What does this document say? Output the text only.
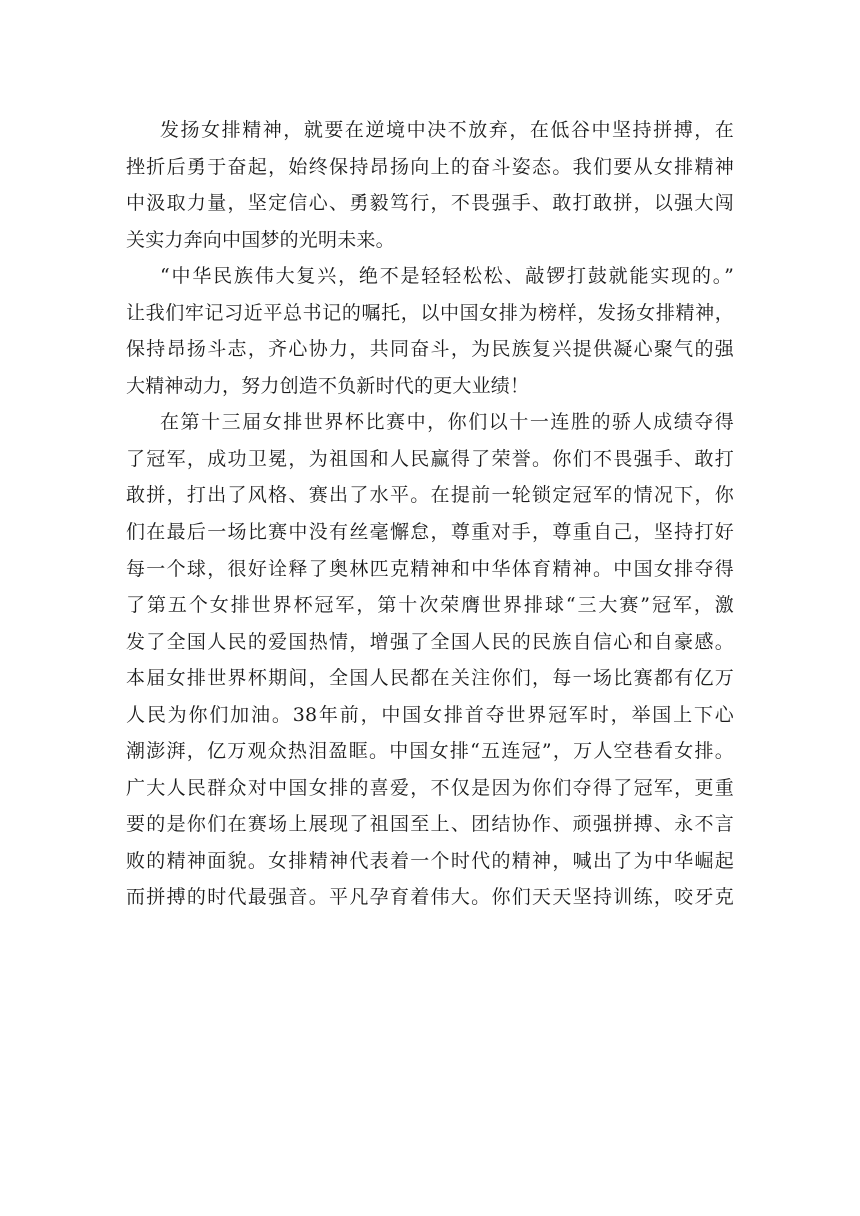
发扬女排精神，就要在逆境中决不放弃，在低谷中坚持拼搏，在
挫折后勇于奋起，始终保持昂扬向上的奋斗姿态。我们要从女排精神
中汲取力量，坚定信心、勇毅笃行，不畏强手、敢打敢拼，以强大闯
关实力奔向中国梦的光明未来。
“中华民族伟大复兴，绝不是轻轻松松、敲锣打鼓就能实现的。”
让我们牢记习近平总书记的嘱托，以中国女排为榜样，发扬女排精神，
保持昂扬斗志，齐心协力，共同奋斗，为民族复兴提供凝心聚气的强
大精神动力，努力创造不负新时代的更大业绩！
在第十三届女排世界杯比赛中，你们以十一连胜的骄人成绩夺得
了冠军，成功卫冕，为祖国和人民赢得了荣誉。你们不畏强手、敢打
敢拼，打出了风格、赛出了水平。在提前一轮锁定冠军的情况下，你
们在最后一场比赛中没有丝毫懈怠，尊重对手，尊重自己，坚持打好
每一个球，很好诠释了奥林匹克精神和中华体育精神。中国女排夺得
了第五个女排世界杯冠军，第十次荣膺世界排球“三大赛”冠军，激
发了全国人民的爱国热情，增强了全国人民的民族自信心和自豪感。
本届女排世界杯期间，全国人民都在关注你们，每一场比赛都有亿万
人民为你们加油。38年前，中国女排首夺世界冠军时，举国上下心
潮澎湃，亿万观众热泪盈眶。中国女排“五连冠”，万人空巷看女排。
广大人民群众对中国女排的喜爱，不仅是因为你们夺得了冠军，更重
要的是你们在赛场上展现了祖国至上、团结协作、顽强拼搏、永不言
败的精神面貌。女排精神代表着一个时代的精神，喊出了为中华崛起
而拼搏的时代最强音。平凡孕育着伟大。你们天天坚持训练，咬牙克
